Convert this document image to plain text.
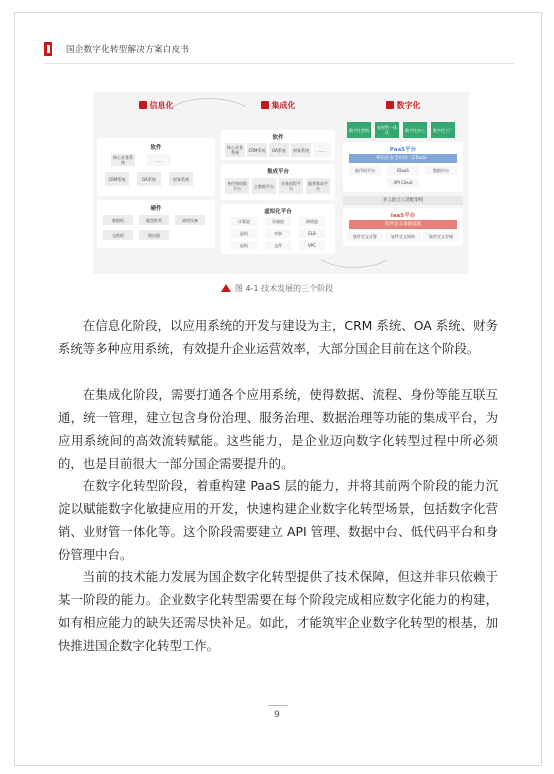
国企数字化转型解决方案白皮书
信息化
软件
核心业务系统	……
CRM系统	OA系统	财务系统
硬件
数据机	磁盘阵列	网络设备
交换机	路由器
集成化
软件
核心业务系统	CRM系统	OA系统	财务系统	……
集成平台
身份和权限平台	主数据平台	业务流程平台
服务集成平台
虚拟化平台
计算池	存储池	网络池
虚机	对象	ELB
虚机	文件	VPC
数字化
数字化营销	业财管一体化	数字化办公	数字化工厂
PaaS平台
零信任安全访问（ZTaaS）
低代码平台	IDaaS	数据中台
API Cloud
多云混合云适配架构
IaaS平台
软件定义基础设施
软件定义计算	软件定义网络	软件定义存储
图 4-1 技术发展的三个阶段

在信息化阶段，以应用系统的开发与建设为主，CRM 系统、OA 系统、财务系统等多种应用系统，有效提升企业运营效率，大部分国企目前在这个阶段。

在集成化阶段，需要打通各个应用系统，使得数据、流程、身份等能互联互通，统一管理，建立包含身份治理、服务治理、数据治理等功能的集成平台，为应用系统间的高效流转赋能。这些能力，是企业迈向数字化转型过程中所必须的，也是目前很大一部分国企需要提升的。

在数字化转型阶段，着重构建 PaaS 层的能力，并将其前两个阶段的能力沉淀以赋能数字化敏捷应用的开发，快速构建企业数字化转型场景，包括数字化营销、业财管一体化等。这个阶段需要建立 API 管理、数据中台、低代码平台和身份管理中台。

当前的技术能力发展为国企数字化转型提供了技术保障，但这并非只依赖于某一阶段的能力。企业数字化转型需要在每个阶段完成相应数字化能力的构建，如有相应能力的缺失还需尽快补足。如此，才能筑牢企业数字化转型的根基，加快推进国企数字化转型工作。

9
